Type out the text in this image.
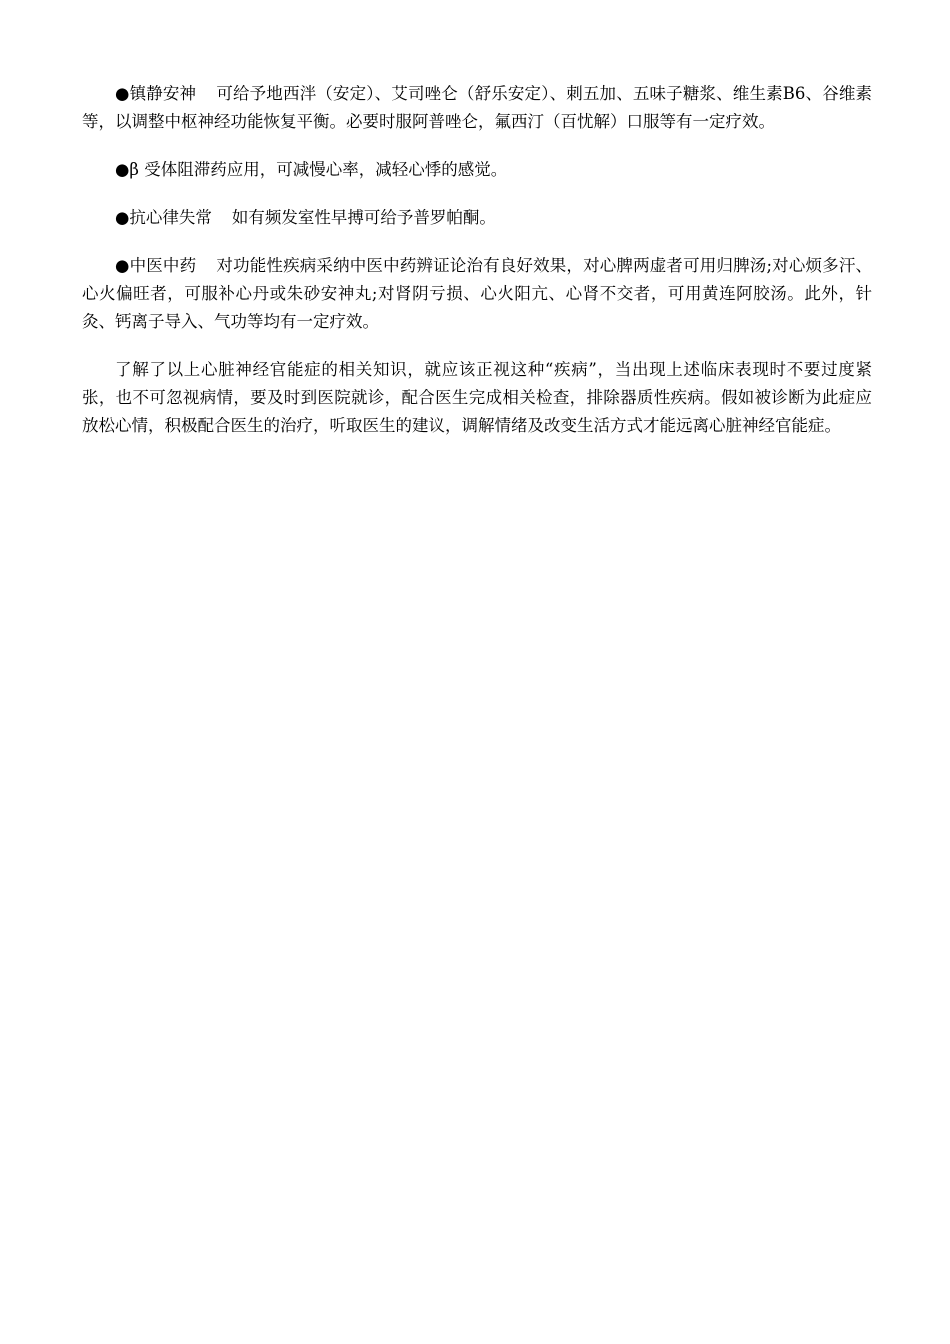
●镇静安神 可给予地西泮（安定）、艾司唑仑（舒乐安定）、刺五加、五味子糖浆、维生素B6、谷维素等，以调整中枢神经功能恢复平衡。必要时服阿普唑仑，氟西汀（百忧解）口服等有一定疗效。

●β 受体阻滞药应用，可减慢心率，减轻心悸的感觉。

●抗心律失常 如有频发室性早搏可给予普罗帕酮。

●中医中药 对功能性疾病采纳中医中药辨证论治有良好效果，对心脾两虚者可用归脾汤;对心烦多汗、心火偏旺者，可服补心丹或朱砂安神丸;对肾阴亏损、心火阳亢、心肾不交者，可用黄连阿胶汤。此外，针灸、钙离子导入、气功等均有一定疗效。

了解了以上心脏神经官能症的相关知识，就应该正视这种“疾病”，当出现上述临床表现时不要过度紧张，也不可忽视病情，要及时到医院就诊，配合医生完成相关检查，排除器质性疾病。假如被诊断为此症应放松心情，积极配合医生的治疗，听取医生的建议，调解情绪及改变生活方式才能远离心脏神经官能症。
